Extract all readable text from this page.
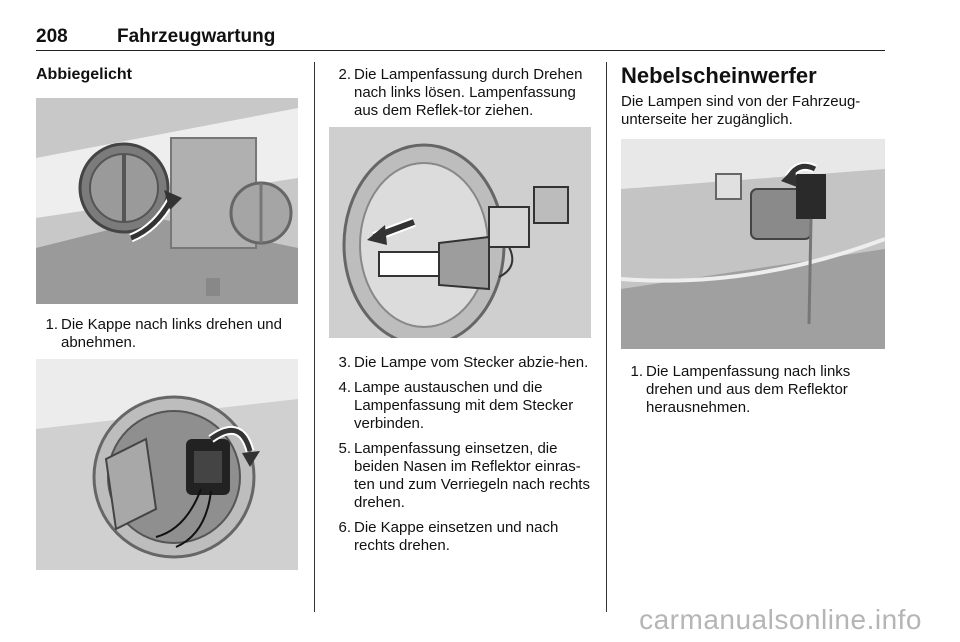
208	Fahrzeugwartung
Abbiegelicht
1. Die Kappe nach links drehen und abnehmen.
2. Die Lampenfassung durch Drehen nach links lösen. Lampenfassung aus dem Reflek-tor ziehen.
3. Die Lampe vom Stecker abzie-hen.
4. Lampe austauschen und die Lampenfassung mit dem Stecker verbinden.
5. Lampenfassung einsetzen, die beiden Nasen im Reflektor einras-ten und zum Verriegeln nach rechts drehen.
6. Die Kappe einsetzen und nach rechts drehen.
Nebelscheinwerfer

Die Lampen sind von der Fahrzeug-unterseite her zugänglich.

1. Die Lampenfassung nach links drehen und aus dem Reflektor herausnehmen.
carmanualsonline.info
